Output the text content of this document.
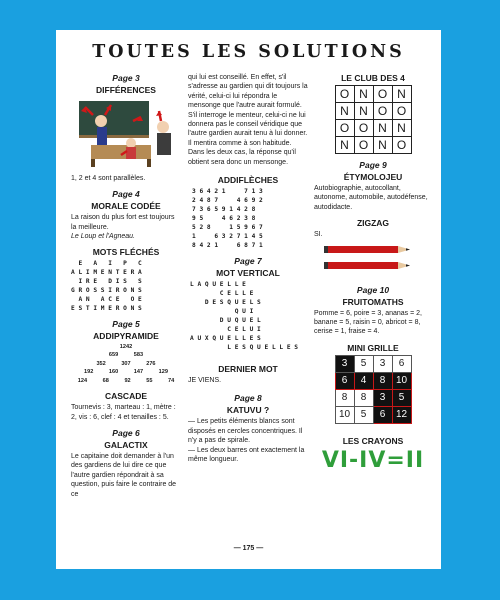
TOUTES LES SOLUTIONS
Page 3
DIFFÉRENCES

1, 2 et 4 sont parallèles.

Page 4
MORALE CODÉE

La raison du plus fort est toujours la meilleure.

Le Loup et l'Agneau.

MOTS FLÉCHÉS

E   A   I   P   C

A L I M E N T E R A

I R E   D I S   S

G R O S S I R O N S

A N   A C E   O E

E S T I M E R O N S

Page 5
ADDIPYRAMIDE
1242
659 583
352 307 276
192 160 147 129
124 68 92 55 74
CASCADE

Tournevis : 3, marteau : 1, mètre : 2, vis : 6, clef : 4 et tenailles : 5.

Page 6
GALACTIX

Le capitaine doit demander à l'un des gardiens de lui dire ce que l'autre gardien répondrait à sa question, puis faire le contraire de ce

qui lui est conseillé. En effet, s'il s'adresse au gardien qui dit toujours la vérité, celui-ci lui répondra le mensonge que l'autre aurait formulé. S'il interroge le menteur, celui-ci ne lui donnera pas le conseil véridique que l'autre gardien aurait tenu à lui donner. Il mentira comme à son habitude. Dans les deux cas, la réponse qu'il obtient sera donc un mensonge.

ADDIFLÈCHES

3 6 4 2 1     7 1 3

2 4 8 7     4 6 9 2

7 3 6 5 9 1 4 2 8

9 5     4 6 2 3 8

5 2 8     1 5 9 6 7

1     6 3 2 7 1 4 5

8 4 2 1     6 8 7 1

Page 7
MOT VERTICAL

L A Q U E L L E

C E L L E

D E S Q U E L S

Q U I

D U Q U E L

C E L U I

A U X Q U E L L E S

L E S Q U E L L E S

DERNIER MOT

JE VIENS.

Page 8
KATUVU ?

— Les petits éléments blancs sont disposés en cercles concentriques. Il n'y a pas de spirale.

— Les deux barres ont exactement la même longueur.

LE CLUB DES 4
O	N	O	N
N	N	O	O
O	O	N	N
N	O	N	O
Page 9
ÉTYMOLOJEU

Autobiographie, autocollant, autonome, automobile, autodéfense, autodidacte.

ZIGZAG

SI.

Page 10
FRUITOMATHS

Pomme = 6, poire = 3, ananas = 2, banane = 5, raisin = 0, abricot = 8, cerise = 1, fraise = 4.

MINI GRILLE
3	5	3	6
6	4	8	10
8	8	3	5
10	5	6	12
LES CRAYONS
VI-IV=II
— 175 —
